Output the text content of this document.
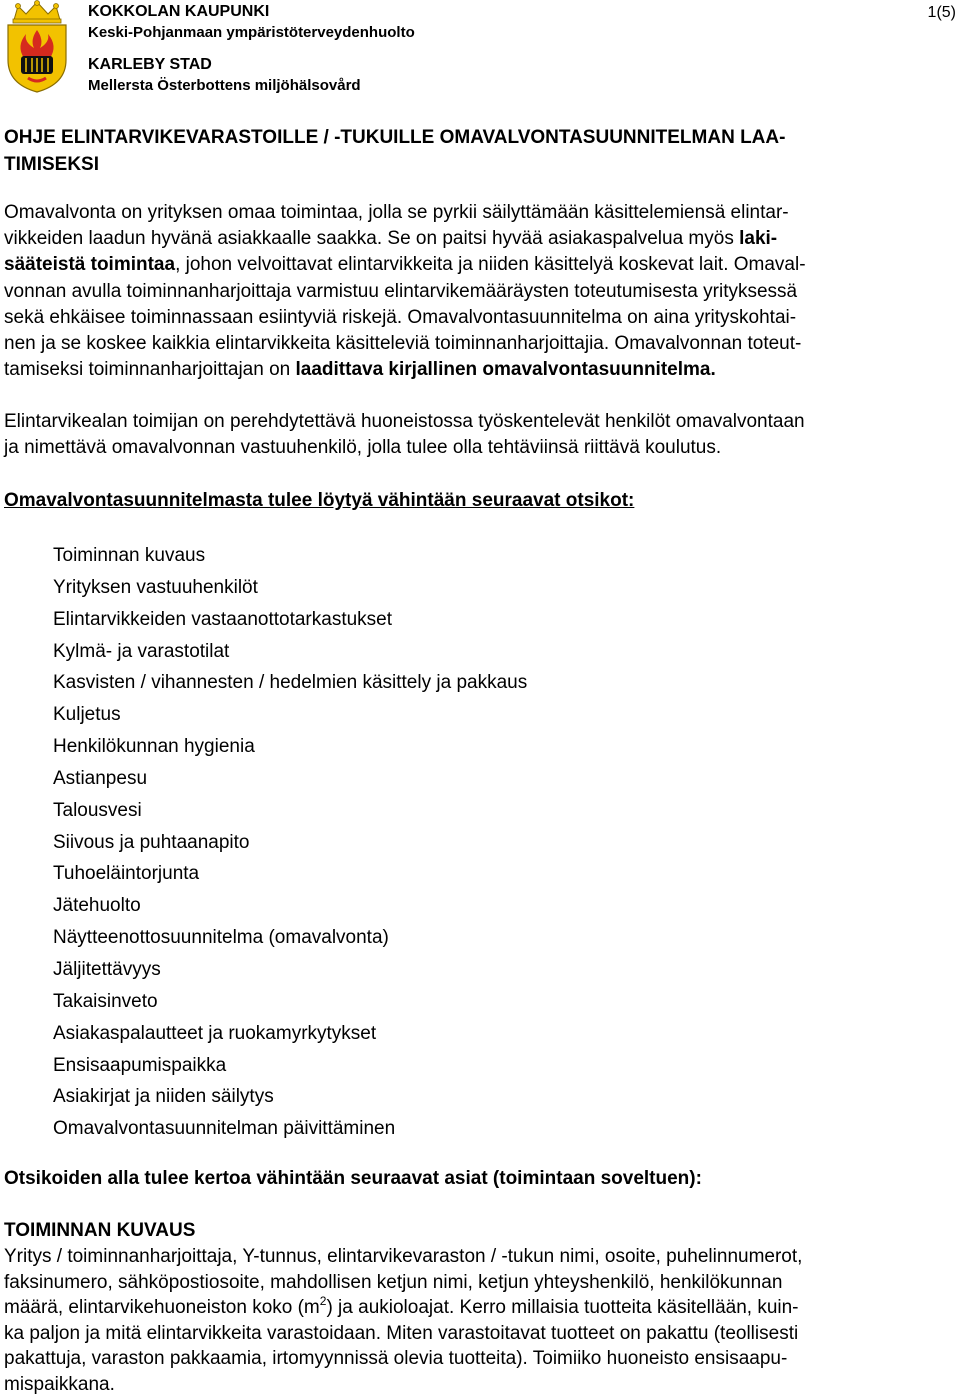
KOKKOLAN KAUPUNKI
Keski-Pohjanmaan ympäristöterveydenhuolto
KARLEBY STAD
Mellersta Österbottens miljöhälsovård
1(5)
OHJE ELINTARVIKEVARASTOILLE / -TUKUILLE OMAVALVONTASUUNNITELMAN LAA-
TIMISEKSI
Omavalvonta on yrityksen omaa toimintaa, jolla se pyrkii säilyttämään käsittelemiensä elintar-
vikkeiden laadun hyvänä asiakkaalle saakka. Se on paitsi hyvää asiakaspalvelua myös laki-
sääteistä toimintaa, johon velvoittavat elintarvikkeita ja niiden käsittelyä koskevat lait. Omaval-
vonnan avulla toiminnanharjoittaja varmistuu elintarvikemääräysten toteutumisesta yrityksessä
sekä ehkäisee toiminnassaan esiintyviä riskejä. Omavalvontasuunnitelma on aina yrityskohtai-
nen ja se koskee kaikkia elintarvikkeita käsitteleviä toiminnanharjoittajia. Omavalvonnan toteut-
tamiseksi toiminnanharjoittajan on laadittava kirjallinen omavalvontasuunnitelma.
Elintarvikealan toimijan on perehdytettävä huoneistossa työskentelevät henkilöt omavalvontaan
ja nimettävä omavalvonnan vastuuhenkilö, jolla tulee olla tehtäviinsä riittävä koulutus.
Omavalvontasuunnitelmasta tulee löytyä vähintään seuraavat otsikot:
Toiminnan kuvaus
Yrityksen vastuuhenkilöt
Elintarvikkeiden vastaanottotarkastukset
Kylmä- ja varastotilat
Kasvisten / vihannesten / hedelmien käsittely ja pakkaus
Kuljetus
Henkilökunnan hygienia
Astianpesu
Talousvesi
Siivous ja puhtaanapito
Tuhoeläintorjunta
Jätehuolto
Näytteenottosuunnitelma (omavalvonta)
Jäljitettävyys
Takaisinveto
Asiakaspalautteet ja ruokamyrkytykset
Ensisaapumispaikka
Asiakirjat ja niiden säilytys
Omavalvontasuunnitelman päivittäminen
Otsikoiden alla tulee kertoa vähintään seuraavat asiat (toimintaan soveltuen):
TOIMINNAN KUVAUS
Yritys / toiminnanharjoittaja, Y-tunnus, elintarvikevaraston / -tukun nimi, osoite, puhelinnumerot,
faksinumero, sähköpostiosoite, mahdollisen ketjun nimi, ketjun yhteyshenkilö, henkilökunnan
määrä, elintarvikehuoneiston koko $(m^2)$ ja aukioloajat. Kerro millaisia tuotteita käsitellään, kuin-
ka paljon ja mitä elintarvikkeita varastoidaan. Miten varastoitavat tuotteet on pakattu (teollisesti
pakattuja, varaston pakkaamia, irtomyynnissä olevia tuotteita). Toimiiko huoneisto ensisaapu-
mispaikkana.
